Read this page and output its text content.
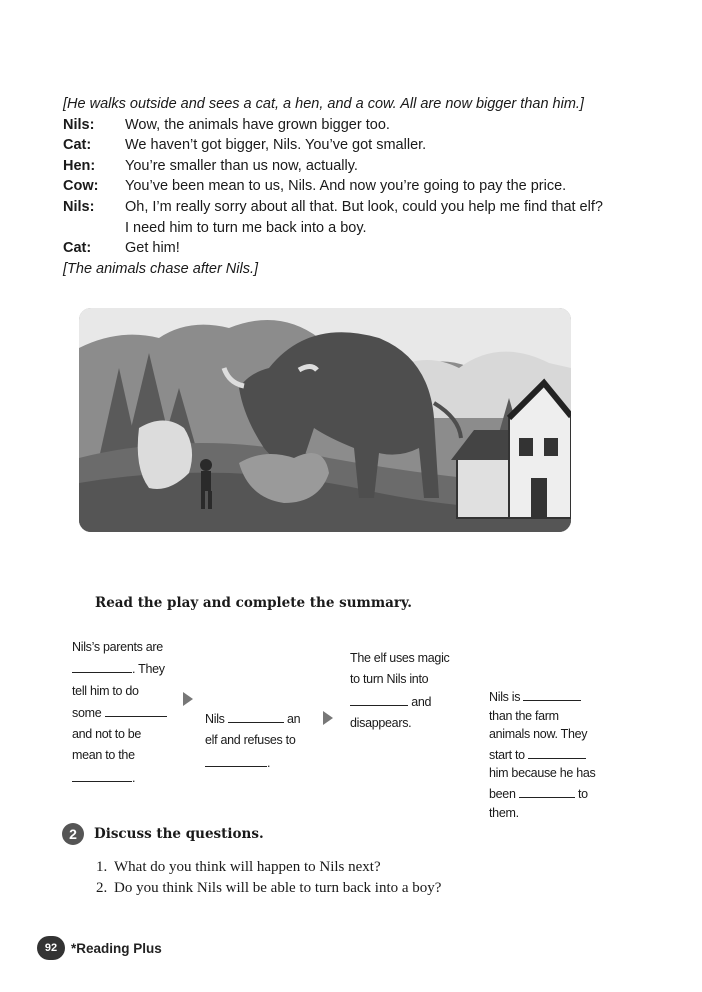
[He walks outside and sees a cat, a hen, and a cow. All are now bigger than him.]
Nils:	Wow, the animals have grown bigger too.
Cat:	We haven’t got bigger, Nils. You’ve got smaller.
Hen:	You’re smaller than us now, actually.
Cow:	You’ve been mean to us, Nils. And now you’re going to pay the price.
Nils:	Oh, I’m really sorry about all that. But look, could you help me find that elf?
I need him to turn me back into a boy.
Cat:	Get him!
[The animals chase after Nils.]
Read the play and complete the summary.
Nils’s parents are
. They
tell him to do
some
and not to be
mean to the
.
Nils	an
elf and refuses to
.
The elf uses magic
to turn Nils into
and
disappears.
Nils is
than the farm
animals now. They
start to
him because he has
been	to
them.
2	Discuss the questions.
1. What do you think will happen to Nils next?
2. Do you think Nils will be able to turn back into a boy?
92	*Reading Plus
